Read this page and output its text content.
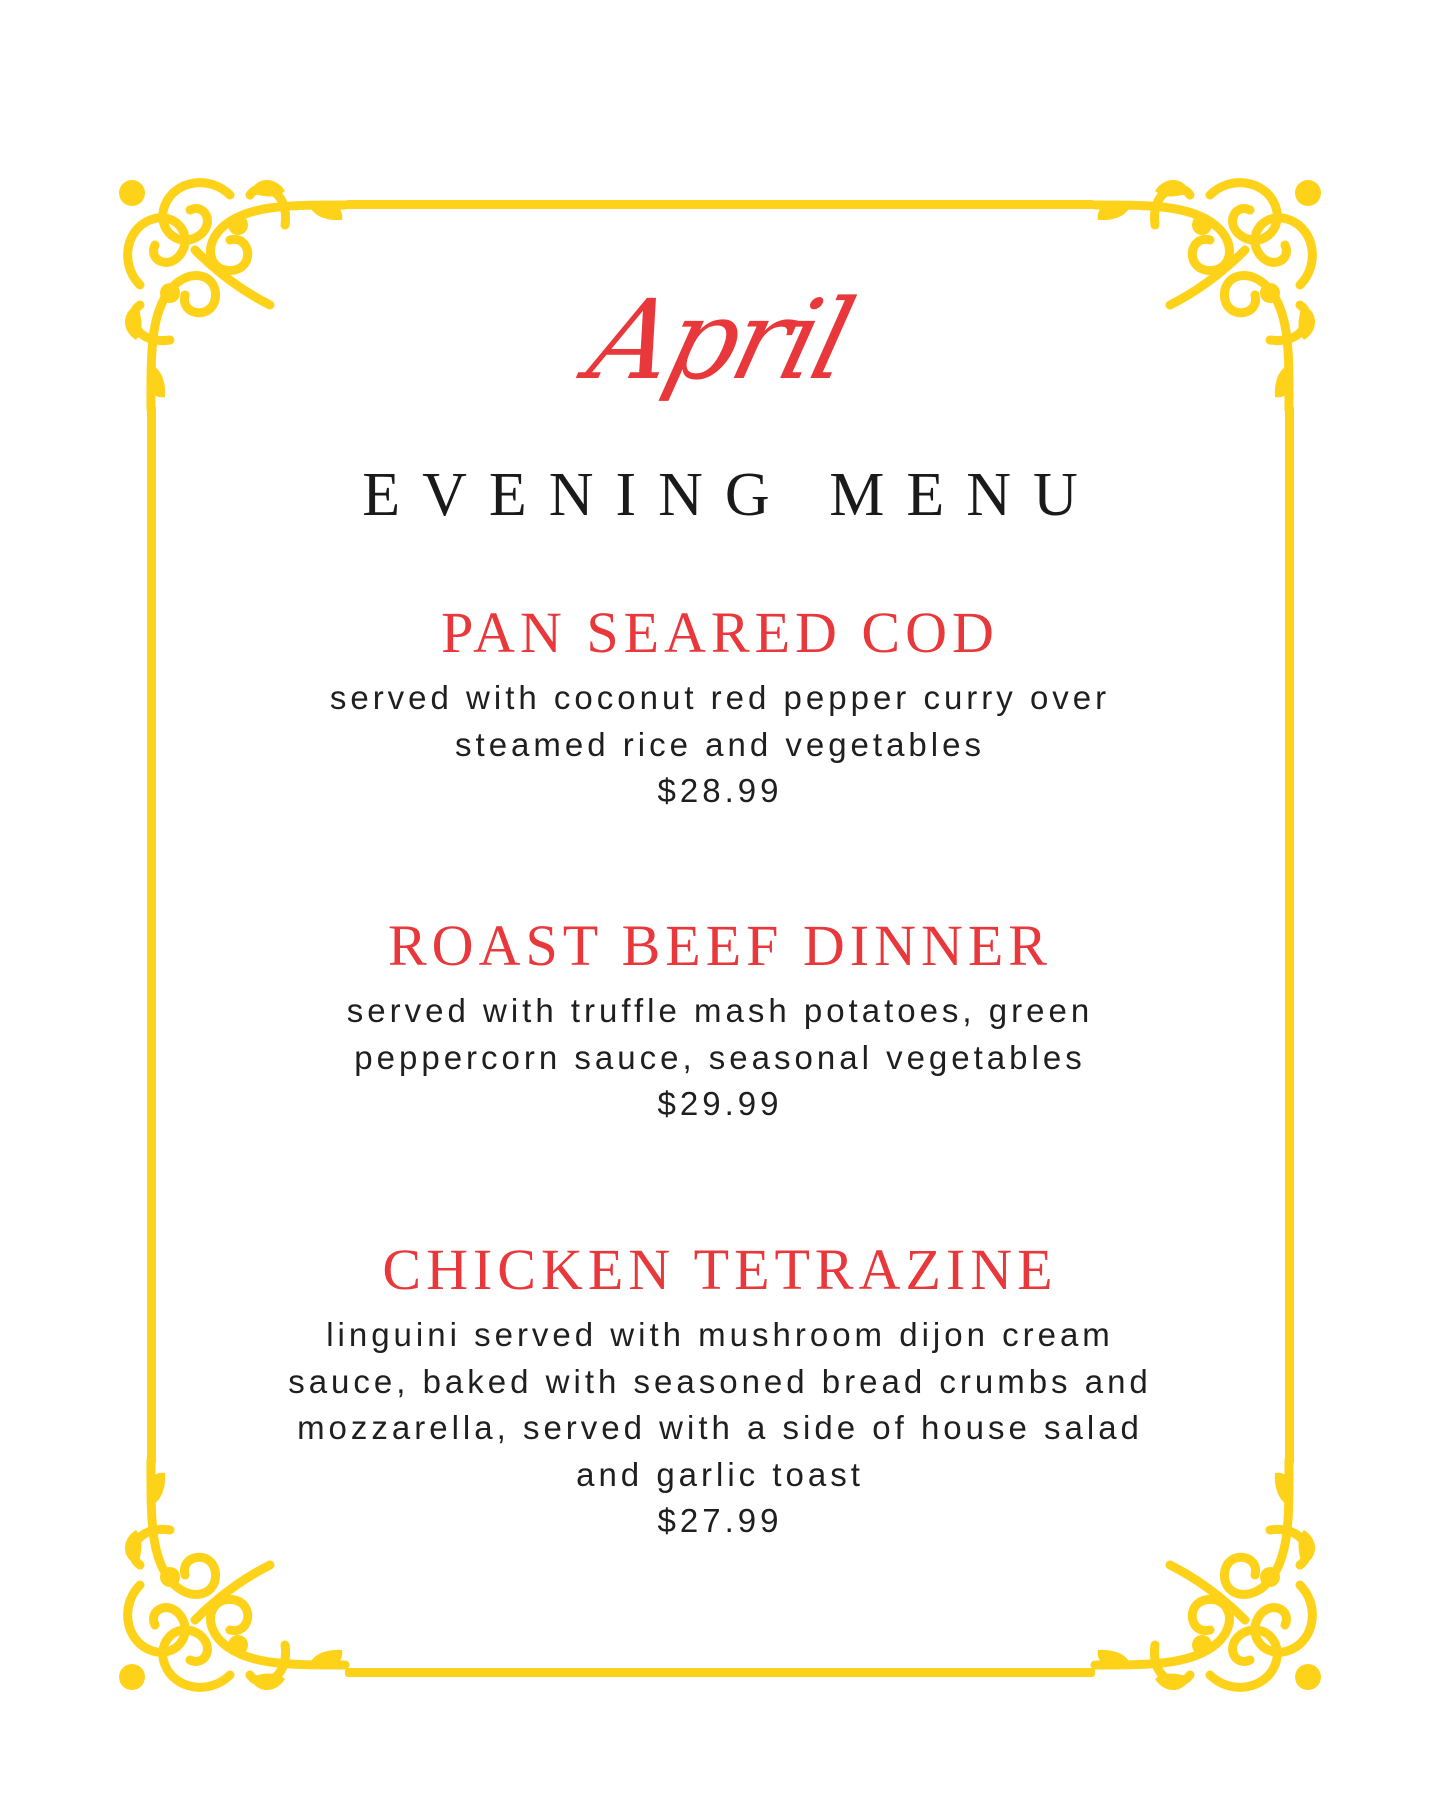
April
EVENING MENU
PAN SEARED COD
served with coconut red pepper curry over steamed rice and vegetables
$28.99
ROAST BEEF DINNER
served with truffle mash potatoes, green peppercorn sauce, seasonal vegetables
$29.99
CHICKEN TETRAZINE
linguini served with mushroom dijon cream sauce, baked with seasoned bread crumbs and mozzarella, served with a side of house salad and garlic toast
$27.99
